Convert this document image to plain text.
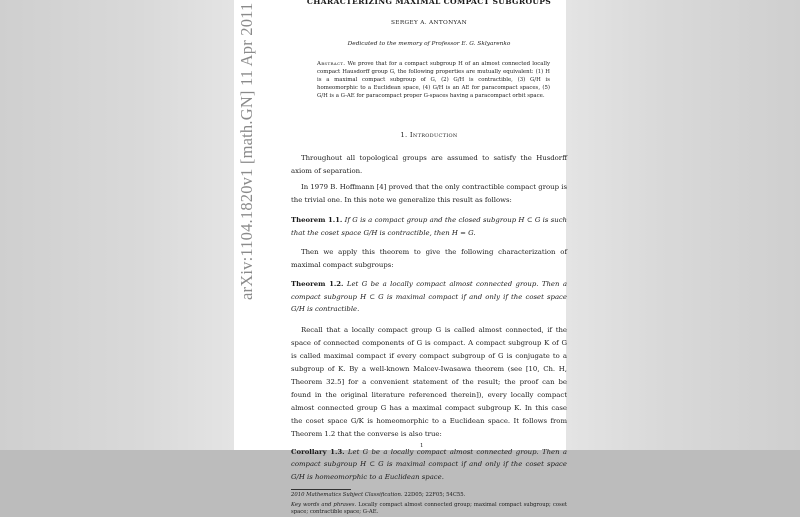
arXiv:1104.1820v1 [math.GN] 11 Apr 2011
CHARACTERIZING MAXIMAL COMPACT SUBGROUPS
SERGEY A. ANTONYAN
Dedicated to the memory of Professor E. G. Sklyarenko
Abstract. We prove that for a compact subgroup H of an almost connected locally compact Hausdorff group G, the following properties are mutually equivalent: (1) H is a maximal compact subgroup of G, (2) G/H is contractible, (3) G/H is homeomorphic to a Euclidean space, (4) G/H is an AE for paracompact spaces, (5) G/H is a G-AE for paracompact proper G-spaces having a paracompact orbit space.
1. Introduction

Throughout all topological groups are assumed to satisfy the Husdorff axiom of separation.

In 1979 B. Hoffmann [4] proved that the only contractible compact group is the trivial one. In this note we generalize this result as follows:

Theorem 1.1. If G is a compact group and the closed subgroup H ⊂ G is such that the coset space G/H is contractible, then H = G.

Then we apply this theorem to give the following characterization of maximal compact subgroups:

Theorem 1.2. Let G be a locally compact almost connected group. Then a compact subgroup H ⊂ G is maximal compact if and only if the coset space G/H is contractible.

Recall that a locally compact group G is called almost connected, if the space of connected components of G is compact. A compact subgroup K of G is called maximal compact if every compact subgroup of G is conjugate to a subgroup of K. By a well-known Malcev-Iwasawa theorem (see [10, Ch. H, Theorem 32.5] for a convenient statement of the result; the proof can be found in the original literature referenced therein]), every locally compact almost connected group G has a maximal compact subgroup K. In this case the coset space G/K is homeomorphic to a Euclidean space. It follows from Theorem 1.2 that the converse is also true:

Corollary 1.3. Let G be a locally compact almost connected group. Then a compact subgroup H ⊂ G is maximal compact if and only if the coset space G/H is homeomorphic to a Euclidean space.

2010 Mathematics Subject Classification. 22D05; 22F05; 54C55.

Key words and phrases. Locally compact almost connected group; maximal compact subgroup; coset space; contractible space; G-AE.

1
